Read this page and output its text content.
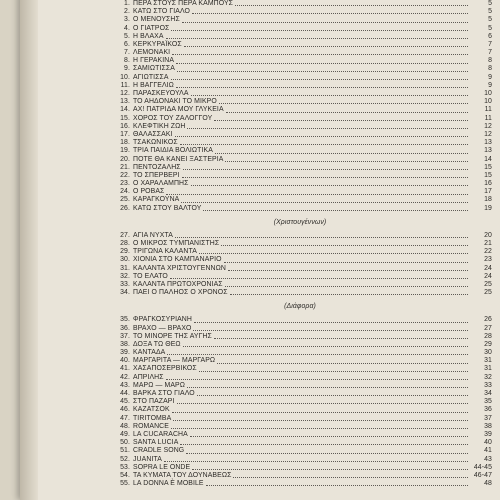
1. ΠΕΡΑ ΣΤΟΥΣ ΠΕΡΑ ΚΑΜΠΟΥΣ	5
2. ΚΑΤΩ ΣΤΟ ΓΙΑΛΟ	5
3. Ο ΜΕΝΟΥΣΗΣ	5
4. Ο ΓΙΑΤΡΟΣ	5
5. Η ΒΛΑΧΑ	6
6. ΚΕΡΚΥΡΑΪΚΟΣ	7
7. ΛΕΜΟΝΑΚΙ	7
8. Η ΓΕΡΑΚΙΝΑ	8
9. ΣΑΜΙΩΤΙΣΣΑ	8
10. ΑΓΙΩΤΙΣΣΑ	9
11. Η ΒΑΓΓΕΛΙΩ	9
12. ΠΑΡΑΣΚΕΥΟΥΛΑ	10
13. ΤΟ ΑΗΔΟΝΑΚΙ ΤΟ ΜΙΚΡΟ	10
14. ΑΧ! ΠΑΤΡΙΔΑ ΜΟΥ ΓΛΥΚΕΙΑ	11
15. ΧΟΡΟΣ ΤΟΥ ΖΑΛΟΓΓΟΥ	11
16. ΚΛΕΦΤΙΚΗ ΖΩΗ	12
17. ΘΑΛΑΣΣΑΚΙ	12
18. ΤΣΑΚΩΝΙΚΟΣ	13
19. ΤΡΙΑ ΠΑΙΔΙΑ ΒΟΛΙΩΤΙΚΑ	13
20. ΠΟΤΕ ΘΑ ΚΑΝΕΙ ΞΑΣΤΕΡΙΑ	14
21. ΠΕΝΤΟΖΑΛΗΣ	15
22. ΤΟ ΣΠΕΡΒΕΡΙ	15
23. Ο ΧΑΡΑΛΑΜΠΗΣ	16
24. Ο ΡΟΒΑΣ	17
25. ΚΑΡΑΓΚΟΥΝΑ	18
26. ΚΑΤΩ ΣΤΟΥ ΒΑΛΤΟΥ	19
(Χριστουγέννων)
27. ΑΓΙΑ ΝΥΧΤΑ	20
28. Ο ΜΙΚΡΟΣ ΤΥΜΠΑΝΙΣΤΗΣ	21
29. ΤΡΙΓΩΝΑ ΚΑΛΑΝΤΑ	22
30. ΧΙΟΝΙΑ ΣΤΟ ΚΑΜΠΑΝΑΡΙΟ	23
31. ΚΑΛΑΝΤΑ ΧΡΙΣΤΟΥΓΕΝΝΩΝ	24
32. ΤΟ ΕΛΑΤΟ	24
33. ΚΑΛΑΝΤΑ ΠΡΩΤΟΧΡΟΝΙΑΣ	25
34. ΠΑΕΙ Ο ΠΑΛΗΟΣ Ο ΧΡΟΝΟΣ	25
(Διάφορα)
35. ΦΡΑΓΚΟΣΥΡΙΑΝΗ	26
36. ΒΡΑΧΟ — ΒΡΑΧΟ	27
37. ΤΟ ΜΙΝΟΡΕ ΤΗΣ ΑΥΓΗΣ	28
38. ΔΟΞΑ ΤΩ ΘΕΩ	29
39. ΚΑΝΤΑΔΑ	30
40. ΜΑΡΓΑΡΙΤΑ — ΜΑΡΓΑΡΩ	31
41. ΧΑΣΑΠΟΣΕΡΒΙΚΟΣ	31
42. ΑΠΡΙΛΗΣ	32
43. ΜΑΡΩ — ΜΑΡΩ	33
44. ΒΑΡΚΑ ΣΤΟ ΓΙΑΛΟ	34
45. ΣΤΟ ΠΑΖΑΡΙ	35
46. ΚΑΖΑΤΣΟΚ	36
47. TIRITOMBA	37
48. ROMANCE	38
49. LA CUCARACHA	39
50. SANTA LUCIA	40
51. CRADLE SONG	41
52. JUANITA	43
53. SOPRA LE ONDE	44-45
54. ΤΑ ΚΥΜΑΤΑ ΤΟΥ ΔΟΥΝΑΒΕΩΣ	46-47
55. LA DONNA È MOBILE	48
